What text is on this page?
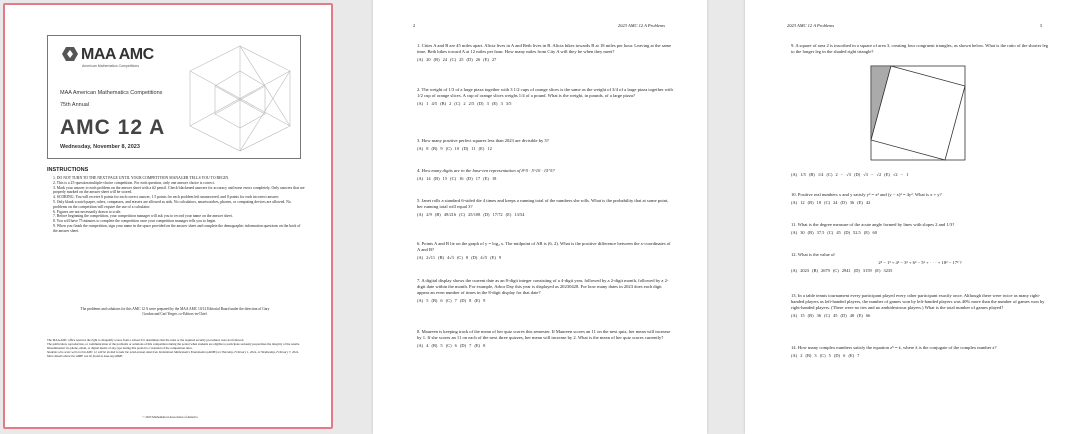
MAA AMC
American Mathematics Competitions
MAA American Mathematics Competitions
75th Annual
AMC 12 A
Wednesday, November 8, 2023
INSTRUCTIONS
1. DO NOT TURN TO THE NEXT PAGE UNTIL YOUR COMPETITION MANAGER TELLS YOU TO BEGIN.
2. This is a 25-question multiple-choice competition. For each question, only one answer choice is correct.
3. Mark your answer to each problem on the answer sheet with a #2 pencil. Check blackened answers for accuracy and erase errors completely. Only answers that are properly marked on the answer sheet will be scored.
4. SCORING: You will receive 6 points for each correct answer, 1.5 points for each problem left unanswered, and 0 points for each incorrect answer.
5. Only blank scratch paper, rulers, compasses, and erasers are allowed as aids. No calculators, smartwatches, phones, or computing devices are allowed. No problems on the competition will require the use of a calculator.
6. Figures are not necessarily drawn to scale.
7. Before beginning the competition, your competition manager will ask you to record your name on the answer sheet.
8. You will have 75 minutes to complete the competition once your competition manager tells you to begin.
9. When you finish the competition, sign your name in the space provided on the answer sheet and complete the demographic information questions on the back of the answer sheet.
The problems and solutions for this AMC 12 A were prepared by the MAA AMC 10/12 Editorial Board under the direction of Gary Gordon and Carl Yerger, co-Editors-in-Chief.

The MAA AMC office reserves the right to disqualify scores from a school if it determines that the rules or the required security procedures were not followed.

The publication, reproduction, or communication of the problems or solutions of this competition during the period when students are eligible to participate seriously jeopardizes the integrity of the results. Dissemination via phone, email, or digital media of any type during this period is a violation of the competition rules.

Students who score well on this AMC 12 will be invited to take the 42nd annual American Invitational Mathematics Examination (AIME) on Thursday, February 1, 2024, or Wednesday, February 7, 2024. More details about the AIME can be found at maa.org/AIME.

© 2023 Mathematical Association of America
2	2023 AMC 12 A Problems
1. Cities A and B are 45 miles apart. Alicia lives in A and Beth lives in B. Alicia bikes towards B at 18 miles per hour. Leaving at the same time, Beth bikes toward A at 12 miles per hour. How many miles from City A will they be when they meet?
(A) 20 (B) 24 (C) 25 (D) 26 (E) 27
2. The weight of 1/3 of a large pizza together with 3 1/2 cups of orange slices is the same as the weight of 3/4 of a large pizza together with 1/2 cup of orange slices. A cup of orange slices weighs 1/4 of a pound. What is the weight, in pounds, of a large pizza?
(A) 1 4/5 (B) 2 (C) 2 2/5 (D) 3 (E) 3 3/5
3. How many positive perfect squares less than 2023 are divisible by 5?
(A) 8 (B) 9 (C) 10 (D) 11 (E) 12
4. How many digits are in the base-ten representation of 8^5 · 5^10 · 15^5?
(A) 14 (B) 15 (C) 16 (D) 17 (E) 18
5. Janet rolls a standard 6-sided die 4 times and keeps a running total of the numbers she rolls. What is the probability that at some point, her running total will equal 3?
(A) 2/9 (B) 49/216 (C) 25/108 (D) 17/72 (E) 13/54
6. Points A and B lie on the graph of y = log₂ x. The midpoint of AB is (6, 2). What is the positive difference between the x-coordinates of A and B?
(A) 2√11 (B) 4√3 (C) 8 (D) 4√5 (E) 9
7. A digital display shows the current date as an 8-digit integer consisting of a 4-digit year, followed by a 2-digit month, followed by a 2-digit date within the month. For example, Arbor Day this year is displayed as 20230428. For how many dates in 2023 does each digit appear an even number of times in the 8-digit display for that date?
(A) 5 (B) 6 (C) 7 (D) 8 (E) 9
8. Maureen is keeping track of the mean of her quiz scores this semester. If Maureen scores an 11 on the next quiz, her mean will increase by 1. If she scores an 11 on each of the next three quizzes, her mean will increase by 2. What is the mean of her quiz scores currently?
(A) 4 (B) 5 (C) 6 (D) 7 (E) 8
2023 AMC 12 A Problems	3
9. A square of area 2 is inscribed in a square of area 3, creating four congruent triangles, as shown below. What is the ratio of the shorter leg to the longer leg in the shaded right triangle?
(A) 1/5 (B) 1/4 (C) 2 − √3 (D) √3 − √2 (E) √2 − 1
10. Positive real numbers x and y satisfy y³ = x² and (y − x)² = 4y². What is x + y?
(A) 12 (B) 18 (C) 24 (D) 36 (E) 42
11. What is the degree measure of the acute angle formed by lines with slopes 2 and 1/3?
(A) 30 (B) 37.5 (C) 45 (D) 52.5 (E) 60
12. What is the value of
2³ − 1³ + 4³ − 3³ + 6³ − 5³ + · · · + 18³ − 17³ ?
(A) 2023 (B) 2679 (C) 2941 (D) 3159 (E) 3235
13. In a table tennis tournament every participant played every other participant exactly once. Although there were twice as many right-handed players as left-handed players, the number of games won by left-handed players was 40% more than the number of games won by right-handed players. (There were no ties and no ambidextrous players.) What is the total number of games played?
(A) 15 (B) 36 (C) 45 (D) 48 (E) 66
14. How many complex numbers satisfy the equation z⁵ = z̄, where z̄ is the conjugate of the complex number z?
(A) 2 (B) 3 (C) 5 (D) 6 (E) 7
